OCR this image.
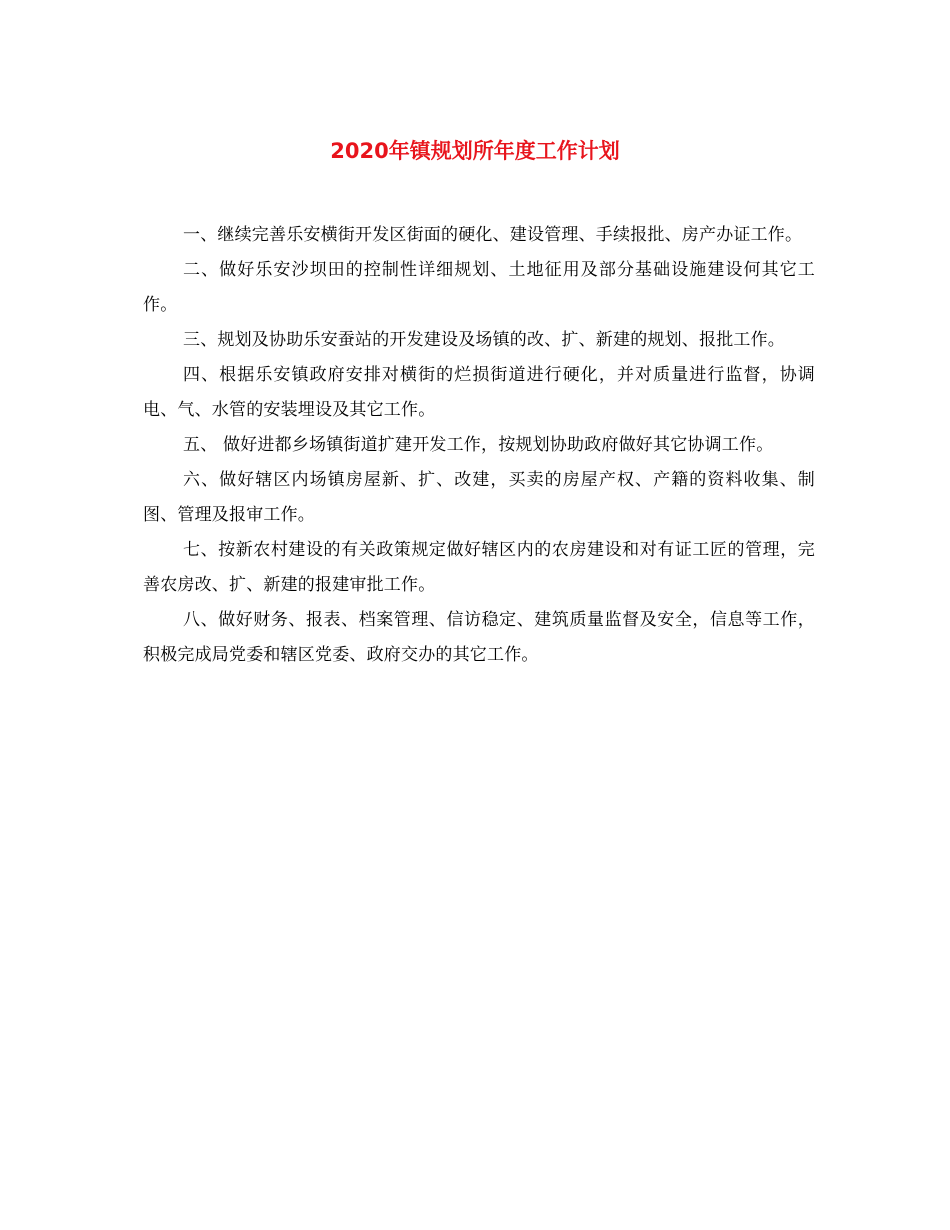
2020年镇规划所年度工作计划

一、继续完善乐安横街开发区街面的硬化、建设管理、手续报批、房产办证工作。

二、做好乐安沙坝田的控制性详细规划、土地征用及部分基础设施建设何其它工作。

三、规划及协助乐安蚕站的开发建设及场镇的改、扩、新建的规划、报批工作。

四、根据乐安镇政府安排对横街的烂损街道进行硬化，并对质量进行监督，协调电、气、水管的安装埋设及其它工作。

五、 做好进都乡场镇街道扩建开发工作，按规划协助政府做好其它协调工作。

六、做好辖区内场镇房屋新、扩、改建，买卖的房屋产权、产籍的资料收集、制图、管理及报审工作。

七、按新农村建设的有关政策规定做好辖区内的农房建设和对有证工匠的管理，完善农房改、扩、新建的报建审批工作。

八、做好财务、报表、档案管理、信访稳定、建筑质量监督及安全，信息等工作，积极完成局党委和辖区党委、政府交办的其它工作。
